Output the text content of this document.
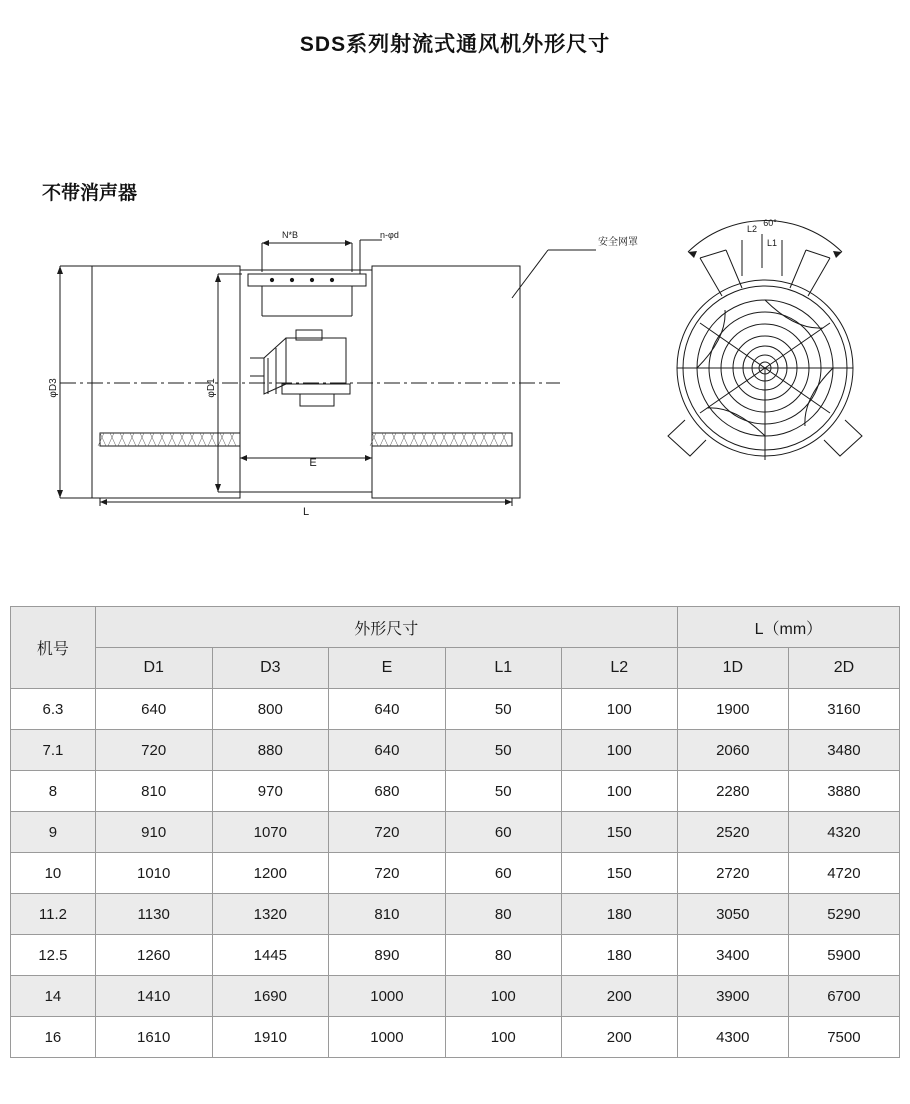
SDS系列射流式通风机外形尺寸
不带消声器
N*B	n-φd
安全网罩
60°
L2
L1
E
L
φD3	φD1
机号	外形尺寸					L（mm）	
	D1	D3	E	L1	L2	1D	2D
6.3	640	800	640	50	100	1900	3160
7.1	720	880	640	50	100	2060	3480
8	810	970	680	50	100	2280	3880
9	910	1070	720	60	150	2520	4320
10	1010	1200	720	60	150	2720	4720
11.2	1130	1320	810	80	180	3050	5290
12.5	1260	1445	890	80	180	3400	5900
14	1410	1690	1000	100	200	3900	6700
16	1610	1910	1000	100	200	4300	7500
